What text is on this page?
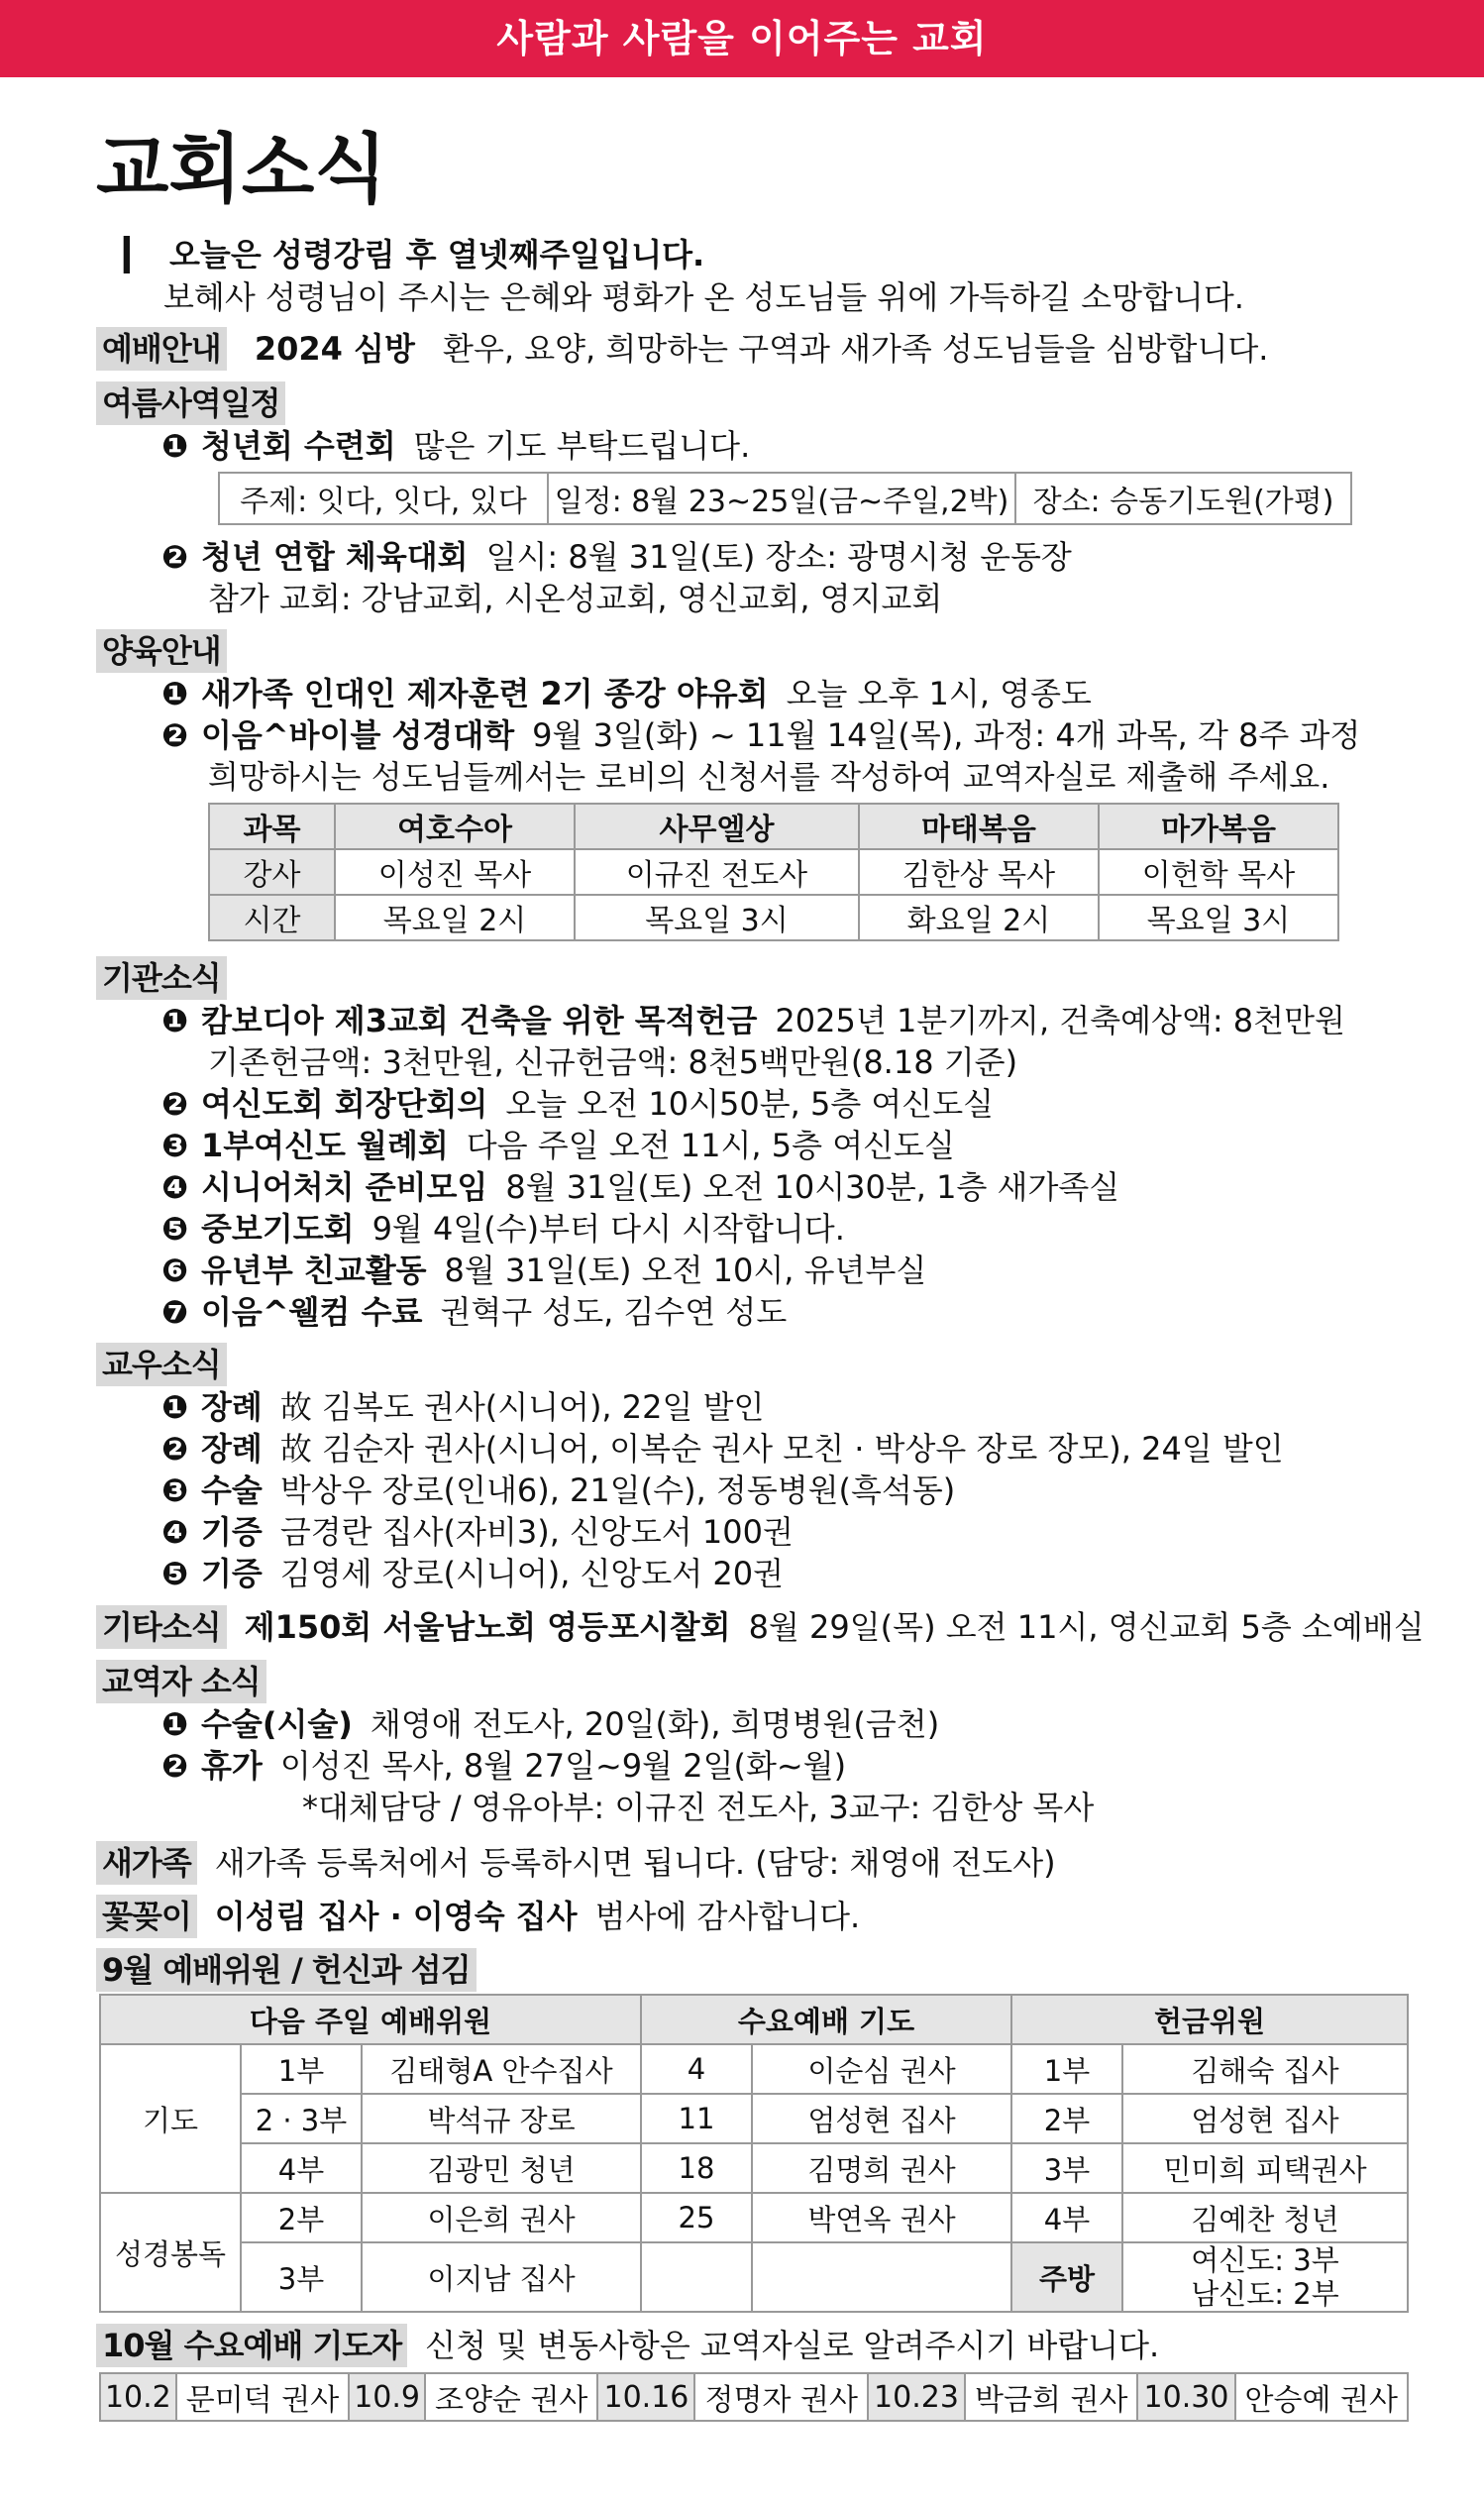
사람과 사람을 이어주는 교회
교회소식
▎ 오늘은 성령강림 후 열넷째주일입니다.
보혜사 성령님이 주시는 은혜와 평화가 온 성도님들 위에 가득하길 소망합니다.
예배안내 2024 심방 환우, 요양, 희망하는 구역과 새가족 성도님들을 심방합니다.
여름사역일정
❶ 청년회 수련회 많은 기도 부탁드립니다.
주제: 잇다, 잇다, 있다	일정: 8월 23~25일(금~주일,2박)	장소: 승동기도원(가평)
❷ 청년 연합 체육대회 일시: 8월 31일(토) 장소: 광명시청 운동장
참가 교회: 강남교회, 시온성교회, 영신교회, 영지교회
양육안내
❶ 새가족 인대인 제자훈련 2기 종강 야유회 오늘 오후 1시, 영종도
❷ 이음^바이블 성경대학 9월 3일(화) ~ 11월 14일(목), 과정: 4개 과목, 각 8주 과정
희망하시는 성도님들께서는 로비의 신청서를 작성하여 교역자실로 제출해 주세요.
과목	여호수아	사무엘상	마태복음	마가복음
강사	이성진 목사	이규진 전도사	김한상 목사	이헌학 목사
시간	목요일 2시	목요일 3시	화요일 2시	목요일 3시
기관소식
❶ 캄보디아 제3교회 건축을 위한 목적헌금 2025년 1분기까지, 건축예상액: 8천만원
기존헌금액: 3천만원, 신규헌금액: 8천5백만원(8.18 기준)
❷ 여신도회 회장단회의 오늘 오전 10시50분, 5층 여신도실
❸ 1부여신도 월례회 다음 주일 오전 11시, 5층 여신도실
❹ 시니어처치 준비모임 8월 31일(토) 오전 10시30분, 1층 새가족실
❺ 중보기도회 9월 4일(수)부터 다시 시작합니다.
❻ 유년부 친교활동 8월 31일(토) 오전 10시, 유년부실
❼ 이음^웰컴 수료 권혁구 성도, 김수연 성도
교우소식
❶ 장례 故 김복도 권사(시니어), 22일 발인
❷ 장례 故 김순자 권사(시니어, 이복순 권사 모친 · 박상우 장로 장모), 24일 발인
❸ 수술 박상우 장로(인내6), 21일(수), 정동병원(흑석동)
❹ 기증 금경란 집사(자비3), 신앙도서 100권
❺ 기증 김영세 장로(시니어), 신앙도서 20권
기타소식 제150회 서울남노회 영등포시찰회 8월 29일(목) 오전 11시, 영신교회 5층 소예배실
교역자 소식
❶ 수술(시술) 채영애 전도사, 20일(화), 희명병원(금천)
❷ 휴가 이성진 목사, 8월 27일~9월 2일(화~월)
*대체담당 / 영유아부: 이규진 전도사, 3교구: 김한상 목사
새가족 새가족 등록처에서 등록하시면 됩니다. (담당: 채영애 전도사)
꽃꽂이 이성림 집사 · 이영숙 집사 범사에 감사합니다.
9월 예배위원 / 헌신과 섬김
다음 주일 예배위원			수요예배 기도		헌금위원	
기도	1부	김태형A 안수집사	4	이순심 권사	1부	김해숙 집사
	2 · 3부	박석규 장로	11	엄성현 집사	2부	엄성현 집사
	4부	김광민 청년	18	김명희 권사	3부	민미희 피택권사
성경봉독	2부	이은희 권사	25	박연옥 권사	4부	김예찬 청년
	3부	이지남 집사			주방	여신도: 3부
남신도: 2부
10월 수요예배 기도자 신청 및 변동사항은 교역자실로 알려주시기 바랍니다.
10.2	문미덕 권사	10.9	조양순 권사	10.16	정명자 권사	10.23	박금희 권사	10.30	안승예 권사
